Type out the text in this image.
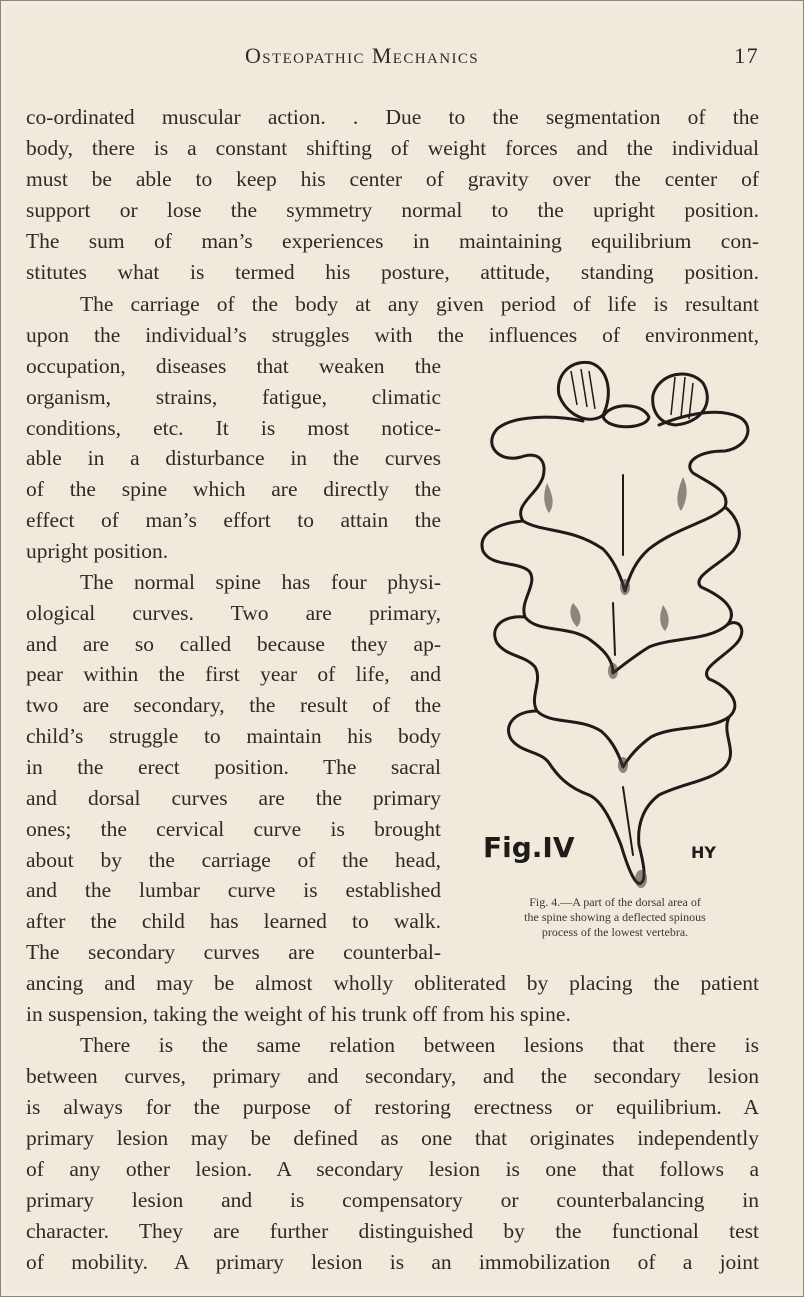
Osteopathic Mechanics	17
co-ordinated muscular action. . Due to the segmentation of the
body, there is a constant shifting of weight forces and the individual
must be able to keep his center of gravity over the center of
support or lose the symmetry normal to the upright position.
The sum of man’s experiences in maintaining equilibrium con-
stitutes what is termed his posture, attitude, standing position.
The carriage of the body at any given period of life is resultant
upon the individual’s struggles with the influences of environment,
occupation, diseases that weaken the
organism, strains, fatigue, climatic
conditions, etc. It is most notice-
able in a disturbance in the curves
of the spine which are directly the
effect of man’s effort to attain the
upright position.
The normal spine has four physi-
ological curves. Two are primary,
and are so called because they ap-
pear within the first year of life, and
two are secondary, the result of the
child’s struggle to maintain his body
in the erect position. The sacral
and dorsal curves are the primary
ones; the cervical curve is brought
about by the carriage of the head,
and the lumbar curve is established
after the child has learned to walk.
The secondary curves are counterbal-
ancing and may be almost wholly obliterated by placing the patient
in suspension, taking the weight of his trunk off from his spine.
There is the same relation between lesions that there is
between curves, primary and secondary, and the secondary lesion
is always for the purpose of restoring erectness or equilibrium. A
primary lesion may be defined as one that originates independently
of any other lesion. A secondary lesion is one that follows a
primary lesion and is compensatory or counterbalancing in
character. They are further distinguished by the functional test
of mobility. A primary lesion is an immobilization of a joint
Fig.IV	HY
Fig. 4.—A part of the dorsal area of
the spine showing a deflected spinous
process of the lowest vertebra.
